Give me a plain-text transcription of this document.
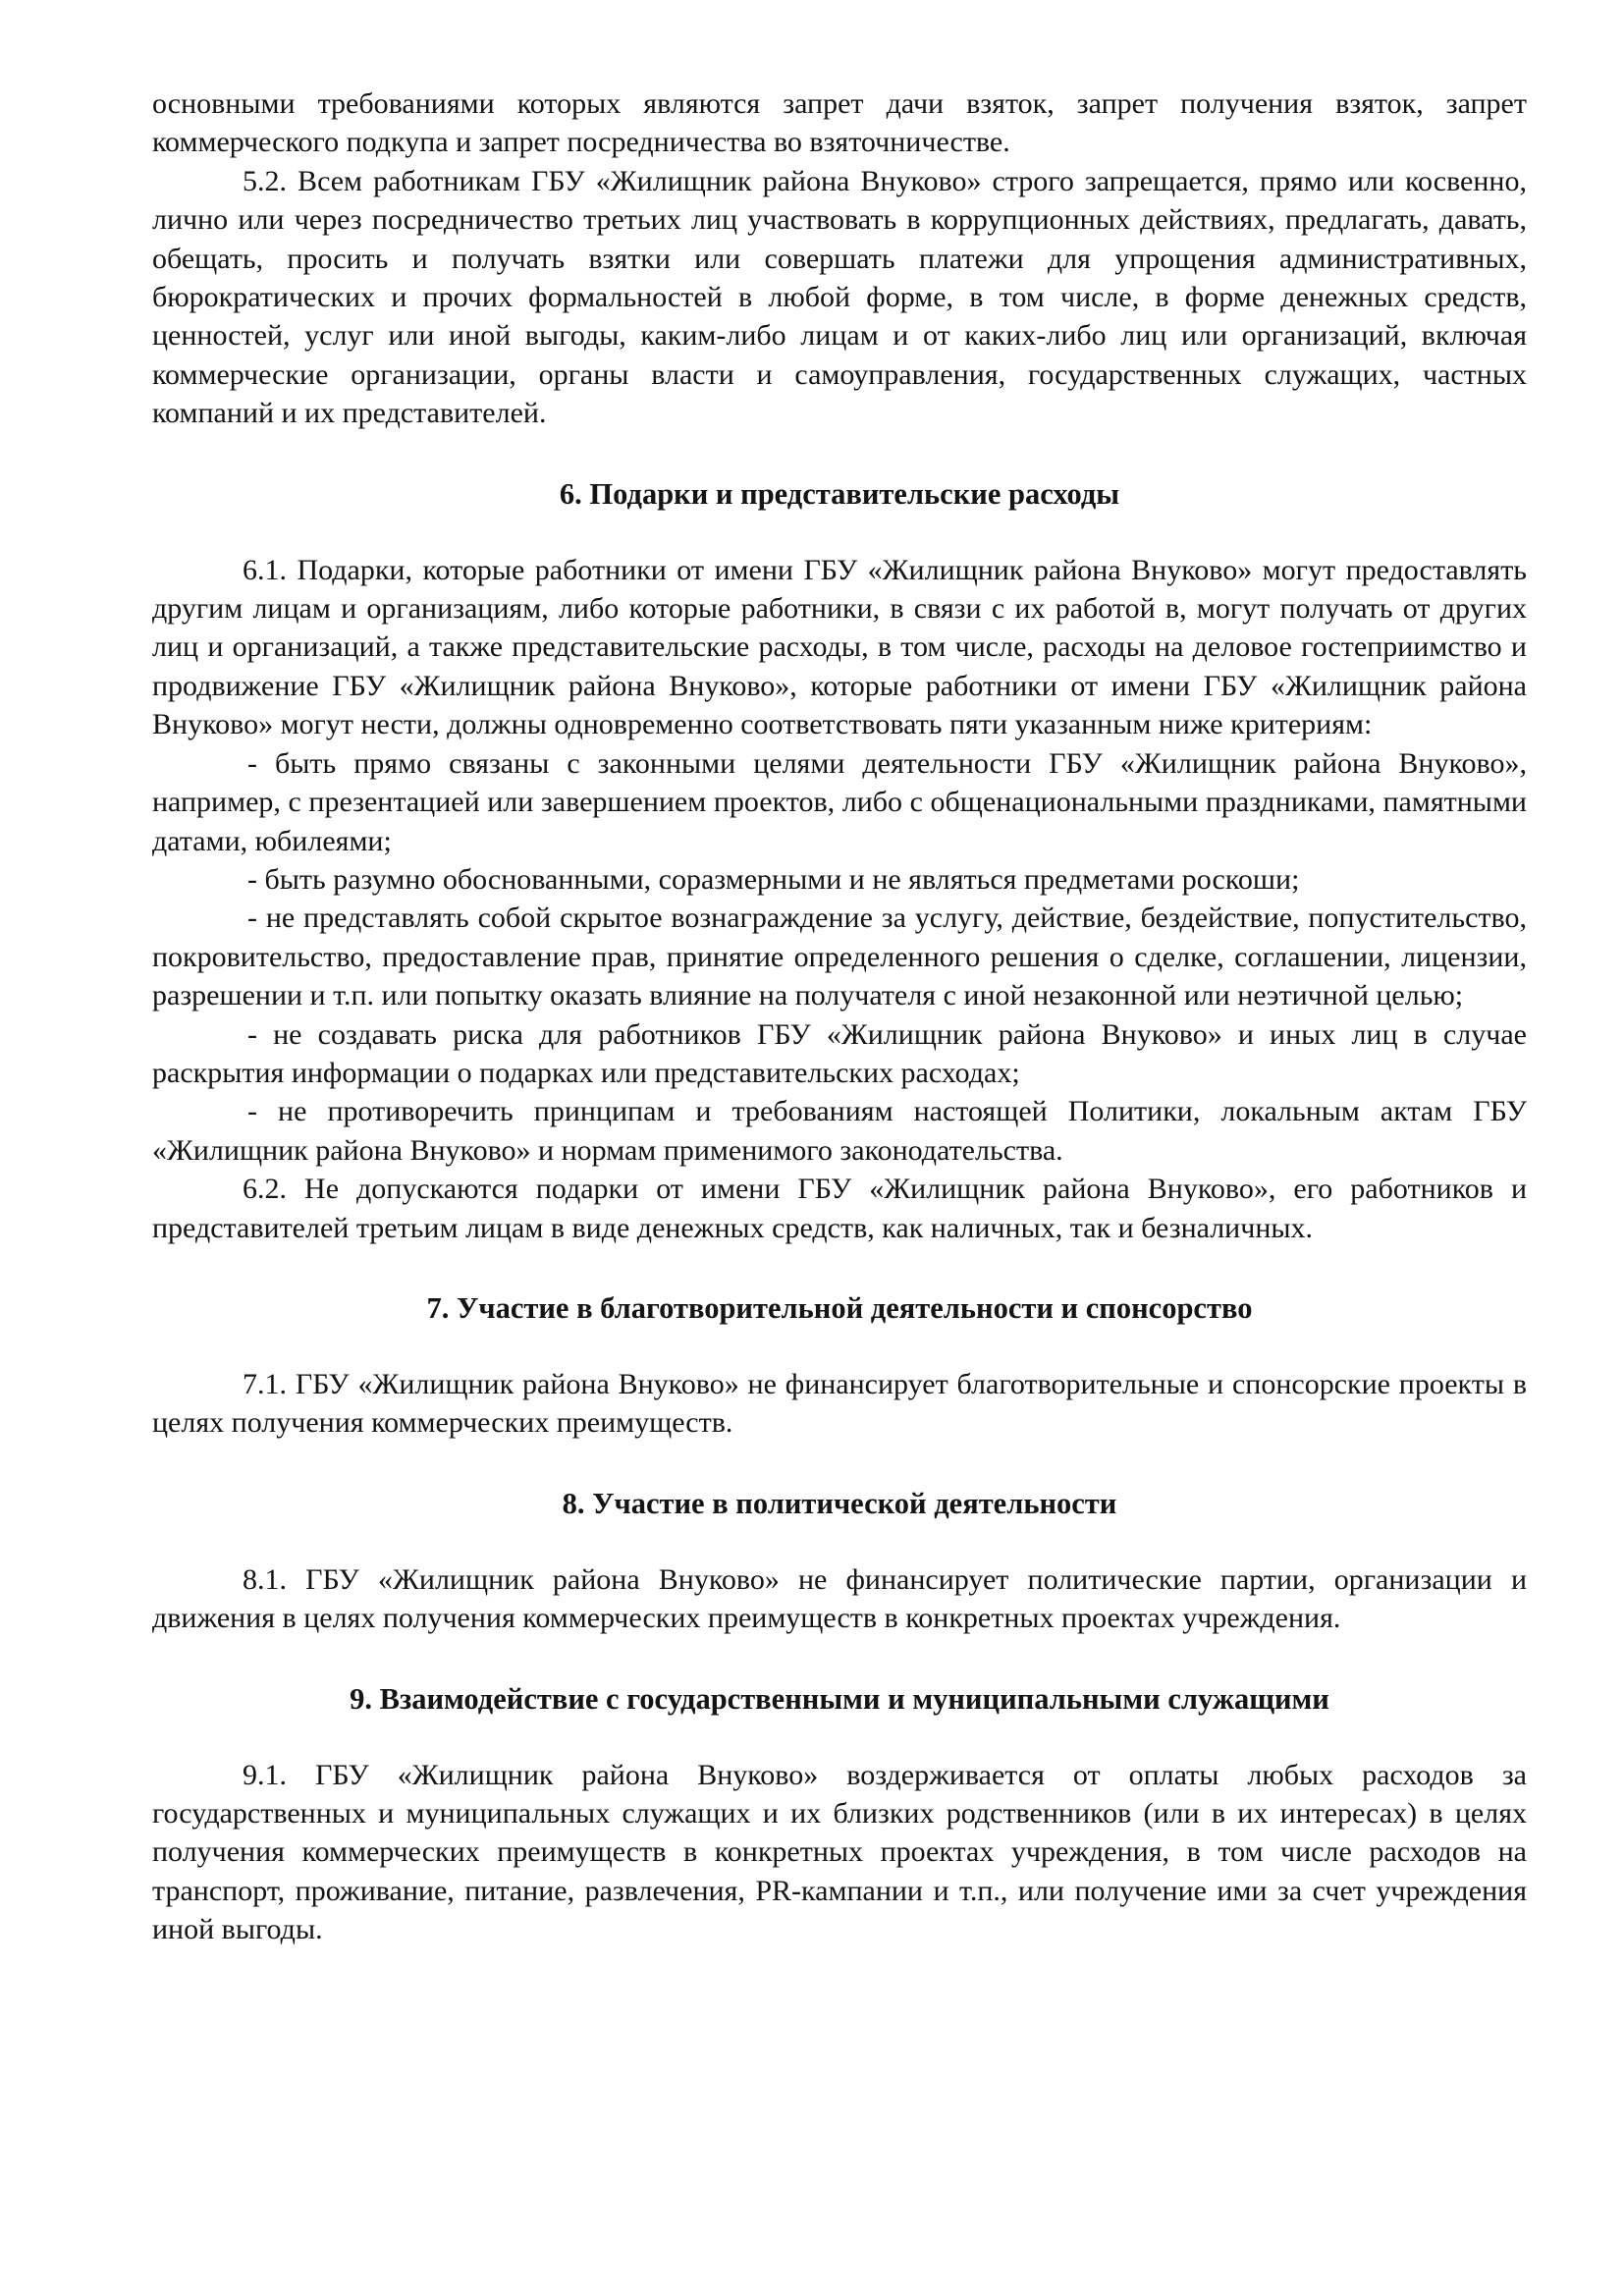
основными требованиями которых являются запрет дачи взяток, запрет получения взяток, запрет коммерческого подкупа и запрет посредничества во взяточничестве.

5.2. Всем работникам ГБУ «Жилищник района Внуково» строго запрещается, прямо или косвенно, лично или через посредничество третьих лиц участвовать в коррупционных действиях, предлагать, давать, обещать, просить и получать взятки или совершать платежи для упрощения административных, бюрократических и прочих формальностей в любой форме, в том числе, в форме денежных средств, ценностей, услуг или иной выгоды, каким-либо лицам и от каких-либо лиц или организаций, включая коммерческие организации, органы власти и самоуправления, государственных служащих, частных компаний и их представителей.

6. Подарки и представительские расходы

6.1. Подарки, которые работники от имени ГБУ «Жилищник района Внуково» могут предоставлять другим лицам и организациям, либо которые работники, в связи с их работой в, могут получать от других лиц и организаций, а также представительские расходы, в том числе, расходы на деловое гостеприимство и продвижение ГБУ «Жилищник района Внуково», которые работники от имени ГБУ «Жилищник района Внуково» могут нести, должны одновременно соответствовать пяти указанным ниже критериям:

- быть прямо связаны с законными целями деятельности ГБУ «Жилищник района Внуково», например, с презентацией или завершением проектов, либо с общенациональными праздниками, памятными датами, юбилеями;

- быть разумно обоснованными, соразмерными и не являться предметами роскоши;

- не представлять собой скрытое вознаграждение за услугу, действие, бездействие, попустительство, покровительство, предоставление прав, принятие определенного решения о сделке, соглашении, лицензии, разрешении и т.п. или попытку оказать влияние на получателя с иной незаконной или неэтичной целью;

- не создавать риска для работников ГБУ «Жилищник района Внуково» и иных лиц в случае раскрытия информации о подарках или представительских расходах;

- не противоречить принципам и требованиям настоящей Политики, локальным актам ГБУ «Жилищник района Внуково» и нормам применимого законодательства.

6.2. Не допускаются подарки от имени ГБУ «Жилищник района Внуково», его работников и представителей третьим лицам в виде денежных средств, как наличных, так и безналичных.

7. Участие в благотворительной деятельности и спонсорство

7.1. ГБУ «Жилищник района Внуково» не финансирует благотворительные и спонсорские проекты в целях получения коммерческих преимуществ.

8. Участие в политической деятельности

8.1. ГБУ «Жилищник района Внуково» не финансирует политические партии, организации и движения в целях получения коммерческих преимуществ в конкретных проектах учреждения.

9. Взаимодействие с государственными и муниципальными служащими

9.1. ГБУ «Жилищник района Внуково» воздерживается от оплаты любых расходов за государственных и муниципальных служащих и их близких родственников (или в их интересах) в целях получения коммерческих преимуществ в конкретных проектах учреждения, в том числе расходов на транспорт, проживание, питание, развлечения, PR-кампании и т.п., или получение ими за счет учреждения иной выгоды.
